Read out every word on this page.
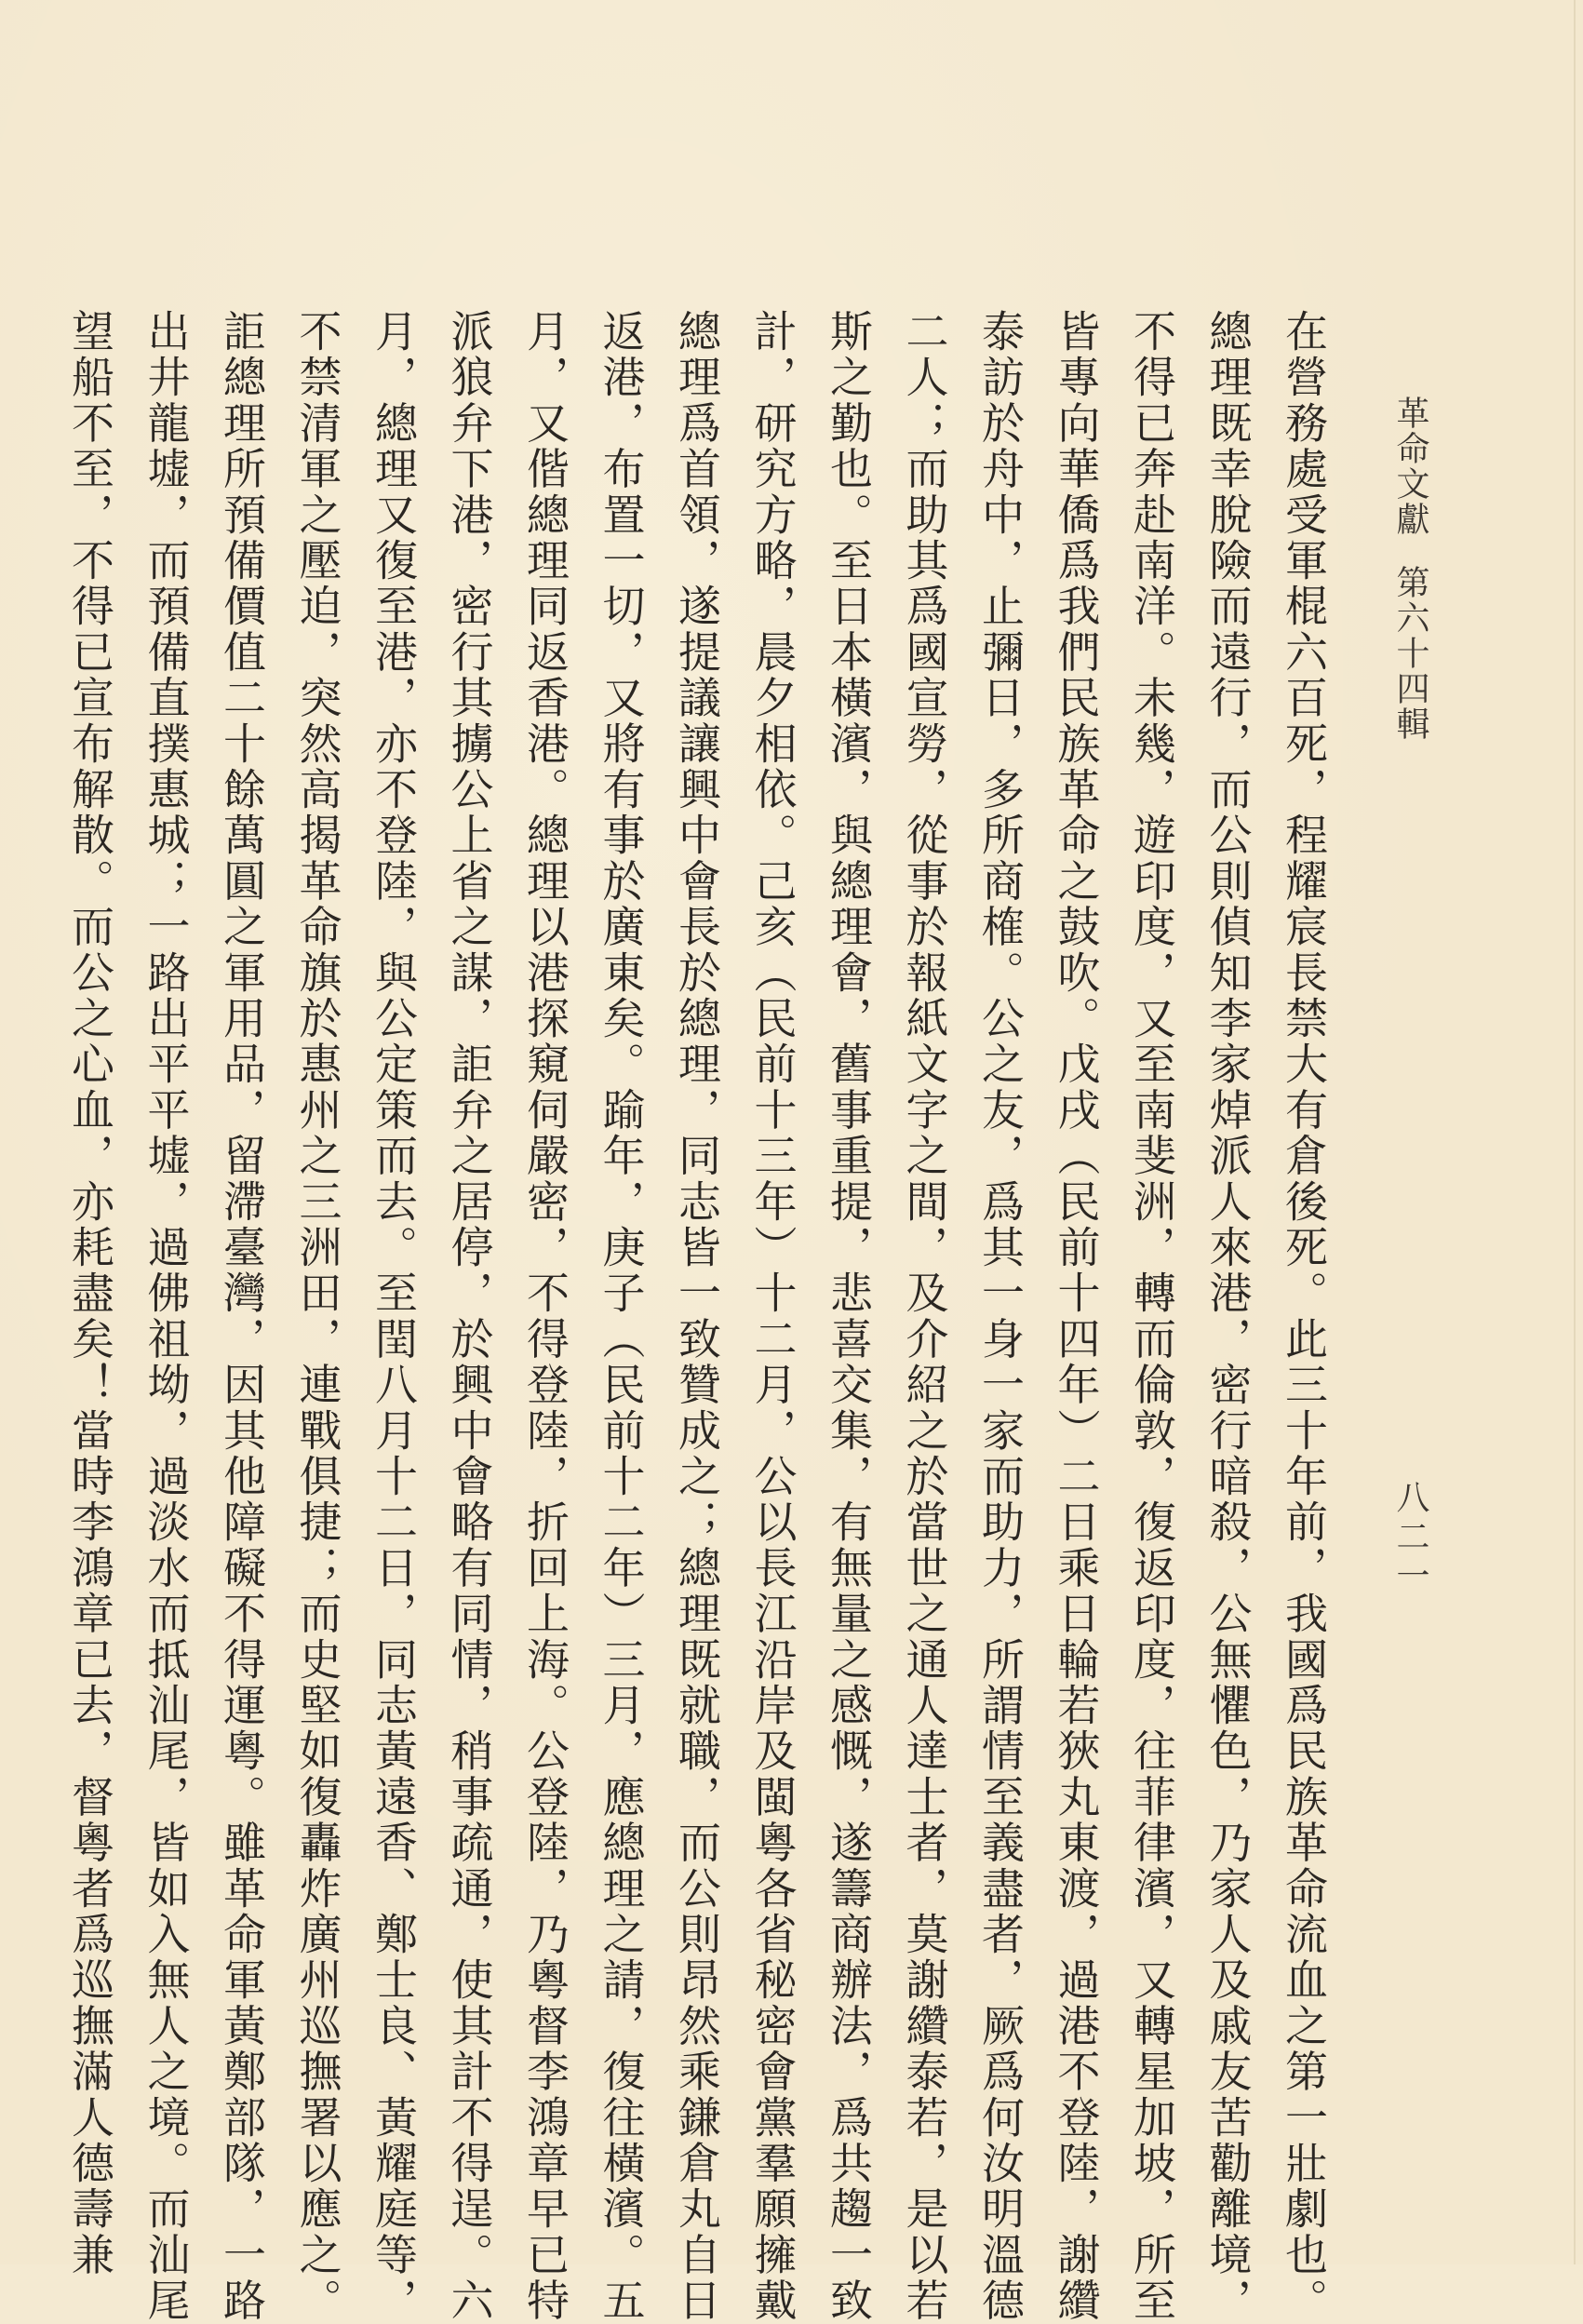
革命文獻第六十四輯
八二一
在營務處受軍棍六百死，程耀宸長禁大有倉後死。此三十年前，我國爲民族革命流血之第一壯劇也。
總理既幸脫險而遠行，而公則偵知李家焯派人來港，密行暗殺，公無懼色，乃家人及戚友苦勸離境，
不得已奔赴南洋。未幾，遊印度，又至南斐洲，轉而倫敦，復返印度，往菲律濱，又轉星加坡，所至
皆專向華僑爲我們民族革命之鼓吹。戊戌（民前十四年）二日乘日輪若狹丸東渡，過港不登陸，謝纘
泰訪於舟中，止彌日，多所商榷。公之友，爲其一身一家而助力，所謂情至義盡者，厥爲何汝明溫德
二人；而助其爲國宣勞，從事於報紙文字之間，及介紹之於當世之通人達士者，莫謝纘泰若，是以若
斯之勤也。至日本橫濱，與總理會，舊事重提，悲喜交集，有無量之感慨，遂籌商辦法，爲共趨一致
計，研究方略，晨夕相依。己亥（民前十三年）十二月，公以長江沿岸及閩粵各省秘密會黨羣願擁戴
總理爲首領，遂提議讓興中會長於總理，同志皆一致贊成之；總理既就職，而公則昂然乘鎌倉丸自日
返港，布置一切，又將有事於廣東矣。踰年，庚子（民前十二年）三月，應總理之請，復往橫濱。五
月，又偕總理同返香港。總理以港探窺伺嚴密，不得登陸，折回上海。公登陸，乃粵督李鴻章早已特
派狼弁下港，密行其擄公上省之謀，詎弁之居停，於興中會略有同情，稍事疏通，使其計不得逞。六
月，總理又復至港，亦不登陸，與公定策而去。至閏八月十二日，同志黃遠香、鄭士良、黃耀庭等，
不禁清軍之壓迫，突然高揭革命旗於惠州之三洲田，連戰俱捷；而史堅如復轟炸廣州巡撫署以應之。
詎總理所預備價值二十餘萬圓之軍用品，留滯臺灣，因其他障礙不得運粵。雖革命軍黃鄭部隊，一路
出井龍墟，而預備直撲惠城；一路出平平墟，過佛祖坳，過淡水而抵汕尾，皆如入無人之境。而汕尾
望船不至，不得已宣布解散。而公之心血，亦耗盡矣！當時李鴻章已去，督粵者爲巡撫滿人德壽兼
